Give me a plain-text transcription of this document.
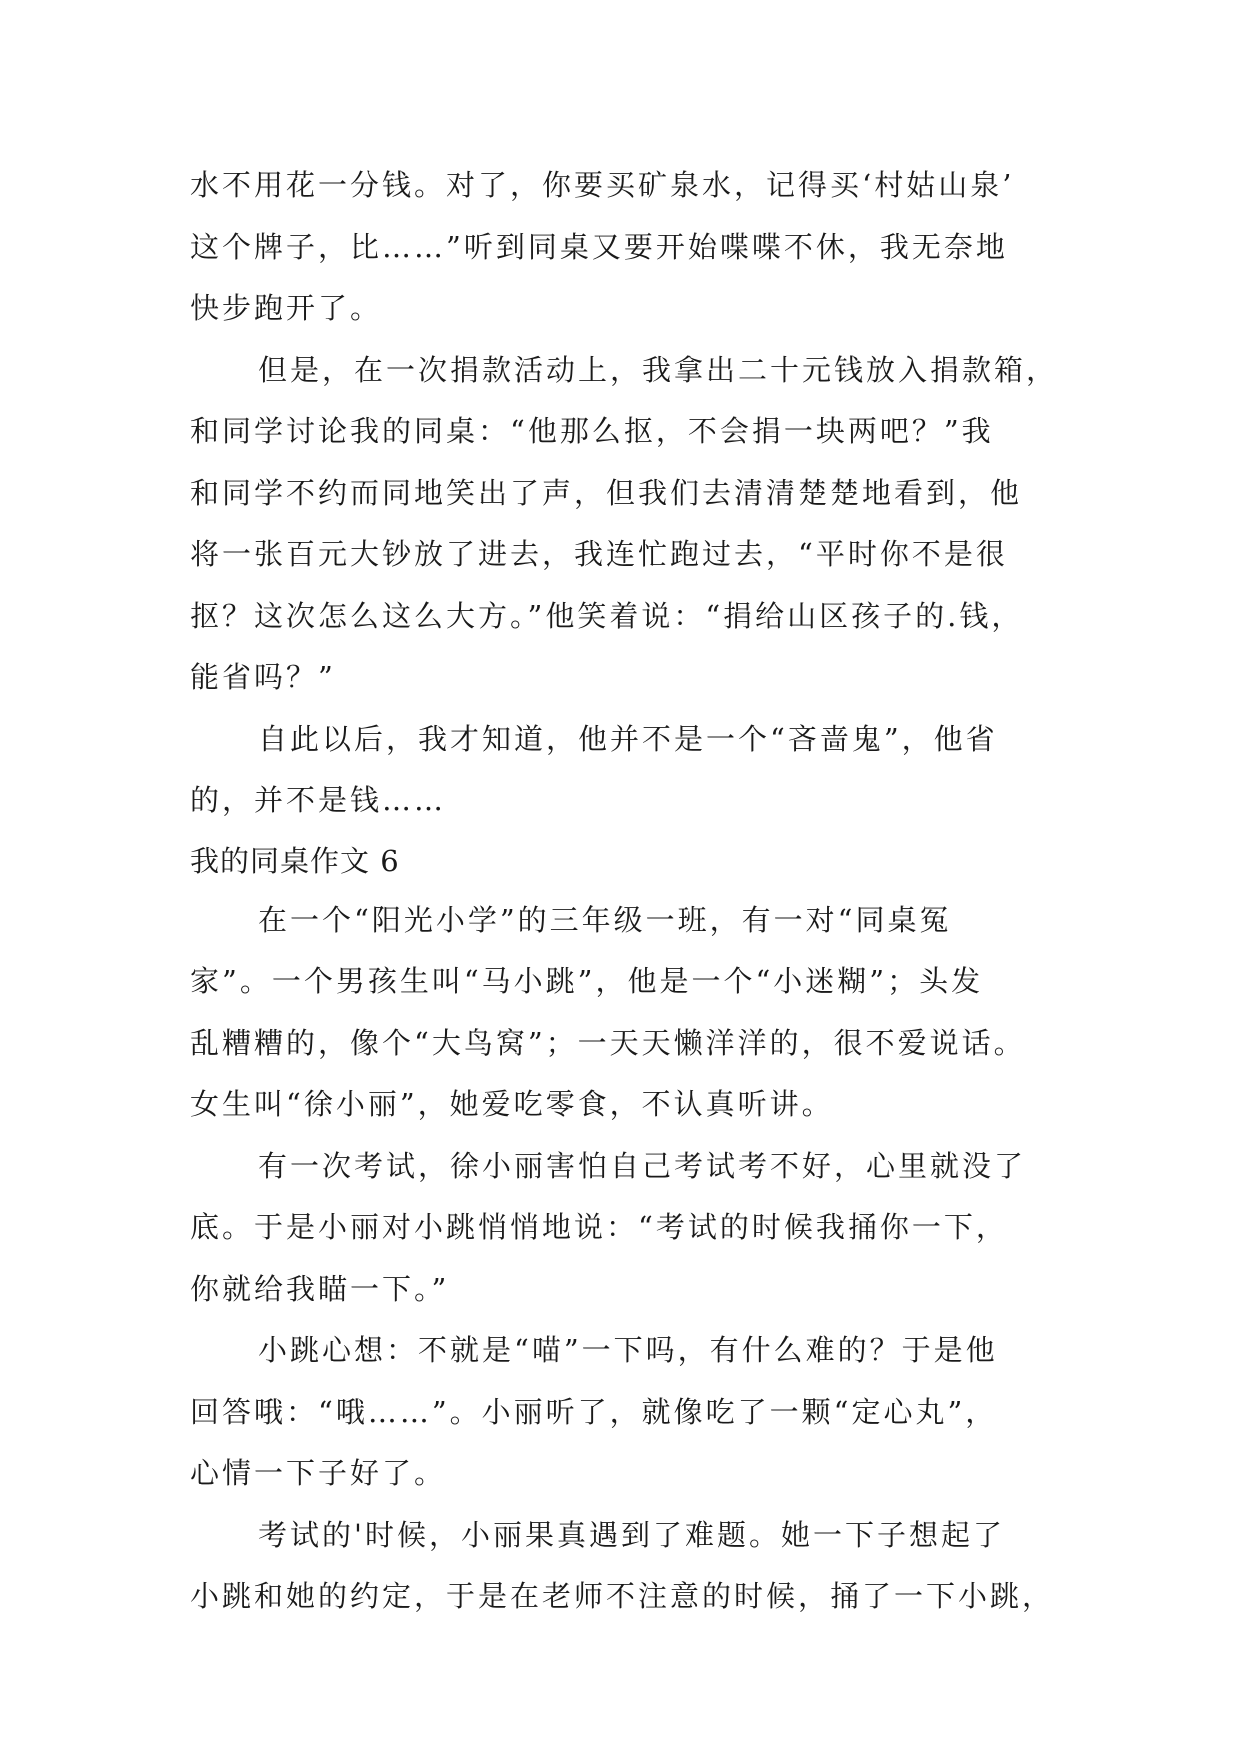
水不用花一分钱。对了，你要买矿泉水，记得买‘村姑山泉’
这个牌子，比……”听到同桌又要开始喋喋不休，我无奈地
快步跑开了。
但是，在一次捐款活动上，我拿出二十元钱放入捐款箱，
和同学讨论我的同桌：“他那么抠，不会捐一块两吧？”我
和同学不约而同地笑出了声，但我们去清清楚楚地看到，他
将一张百元大钞放了进去，我连忙跑过去，“平时你不是很
抠？这次怎么这么大方。”他笑着说：“捐给山区孩子的.钱，
能省吗？”
自此以后，我才知道，他并不是一个“吝啬鬼”，他省
的，并不是钱……
我的同桌作文 6
在一个“阳光小学”的三年级一班，有一对“同桌冤
家”。一个男孩生叫“马小跳”，他是一个“小迷糊”；头发
乱糟糟的，像个“大鸟窝”；一天天懒洋洋的，很不爱说话。
女生叫“徐小丽”，她爱吃零食，不认真听讲。
有一次考试，徐小丽害怕自己考试考不好，心里就没了
底。于是小丽对小跳悄悄地说：“考试的时候我捅你一下，
你就给我瞄一下。”
小跳心想：不就是“喵”一下吗，有什么难的？于是他
回答哦：“哦……”。小丽听了，就像吃了一颗“定心丸”，
心情一下子好了。
考试的'时候，小丽果真遇到了难题。她一下子想起了
小跳和她的约定，于是在老师不注意的时候，捅了一下小跳，
